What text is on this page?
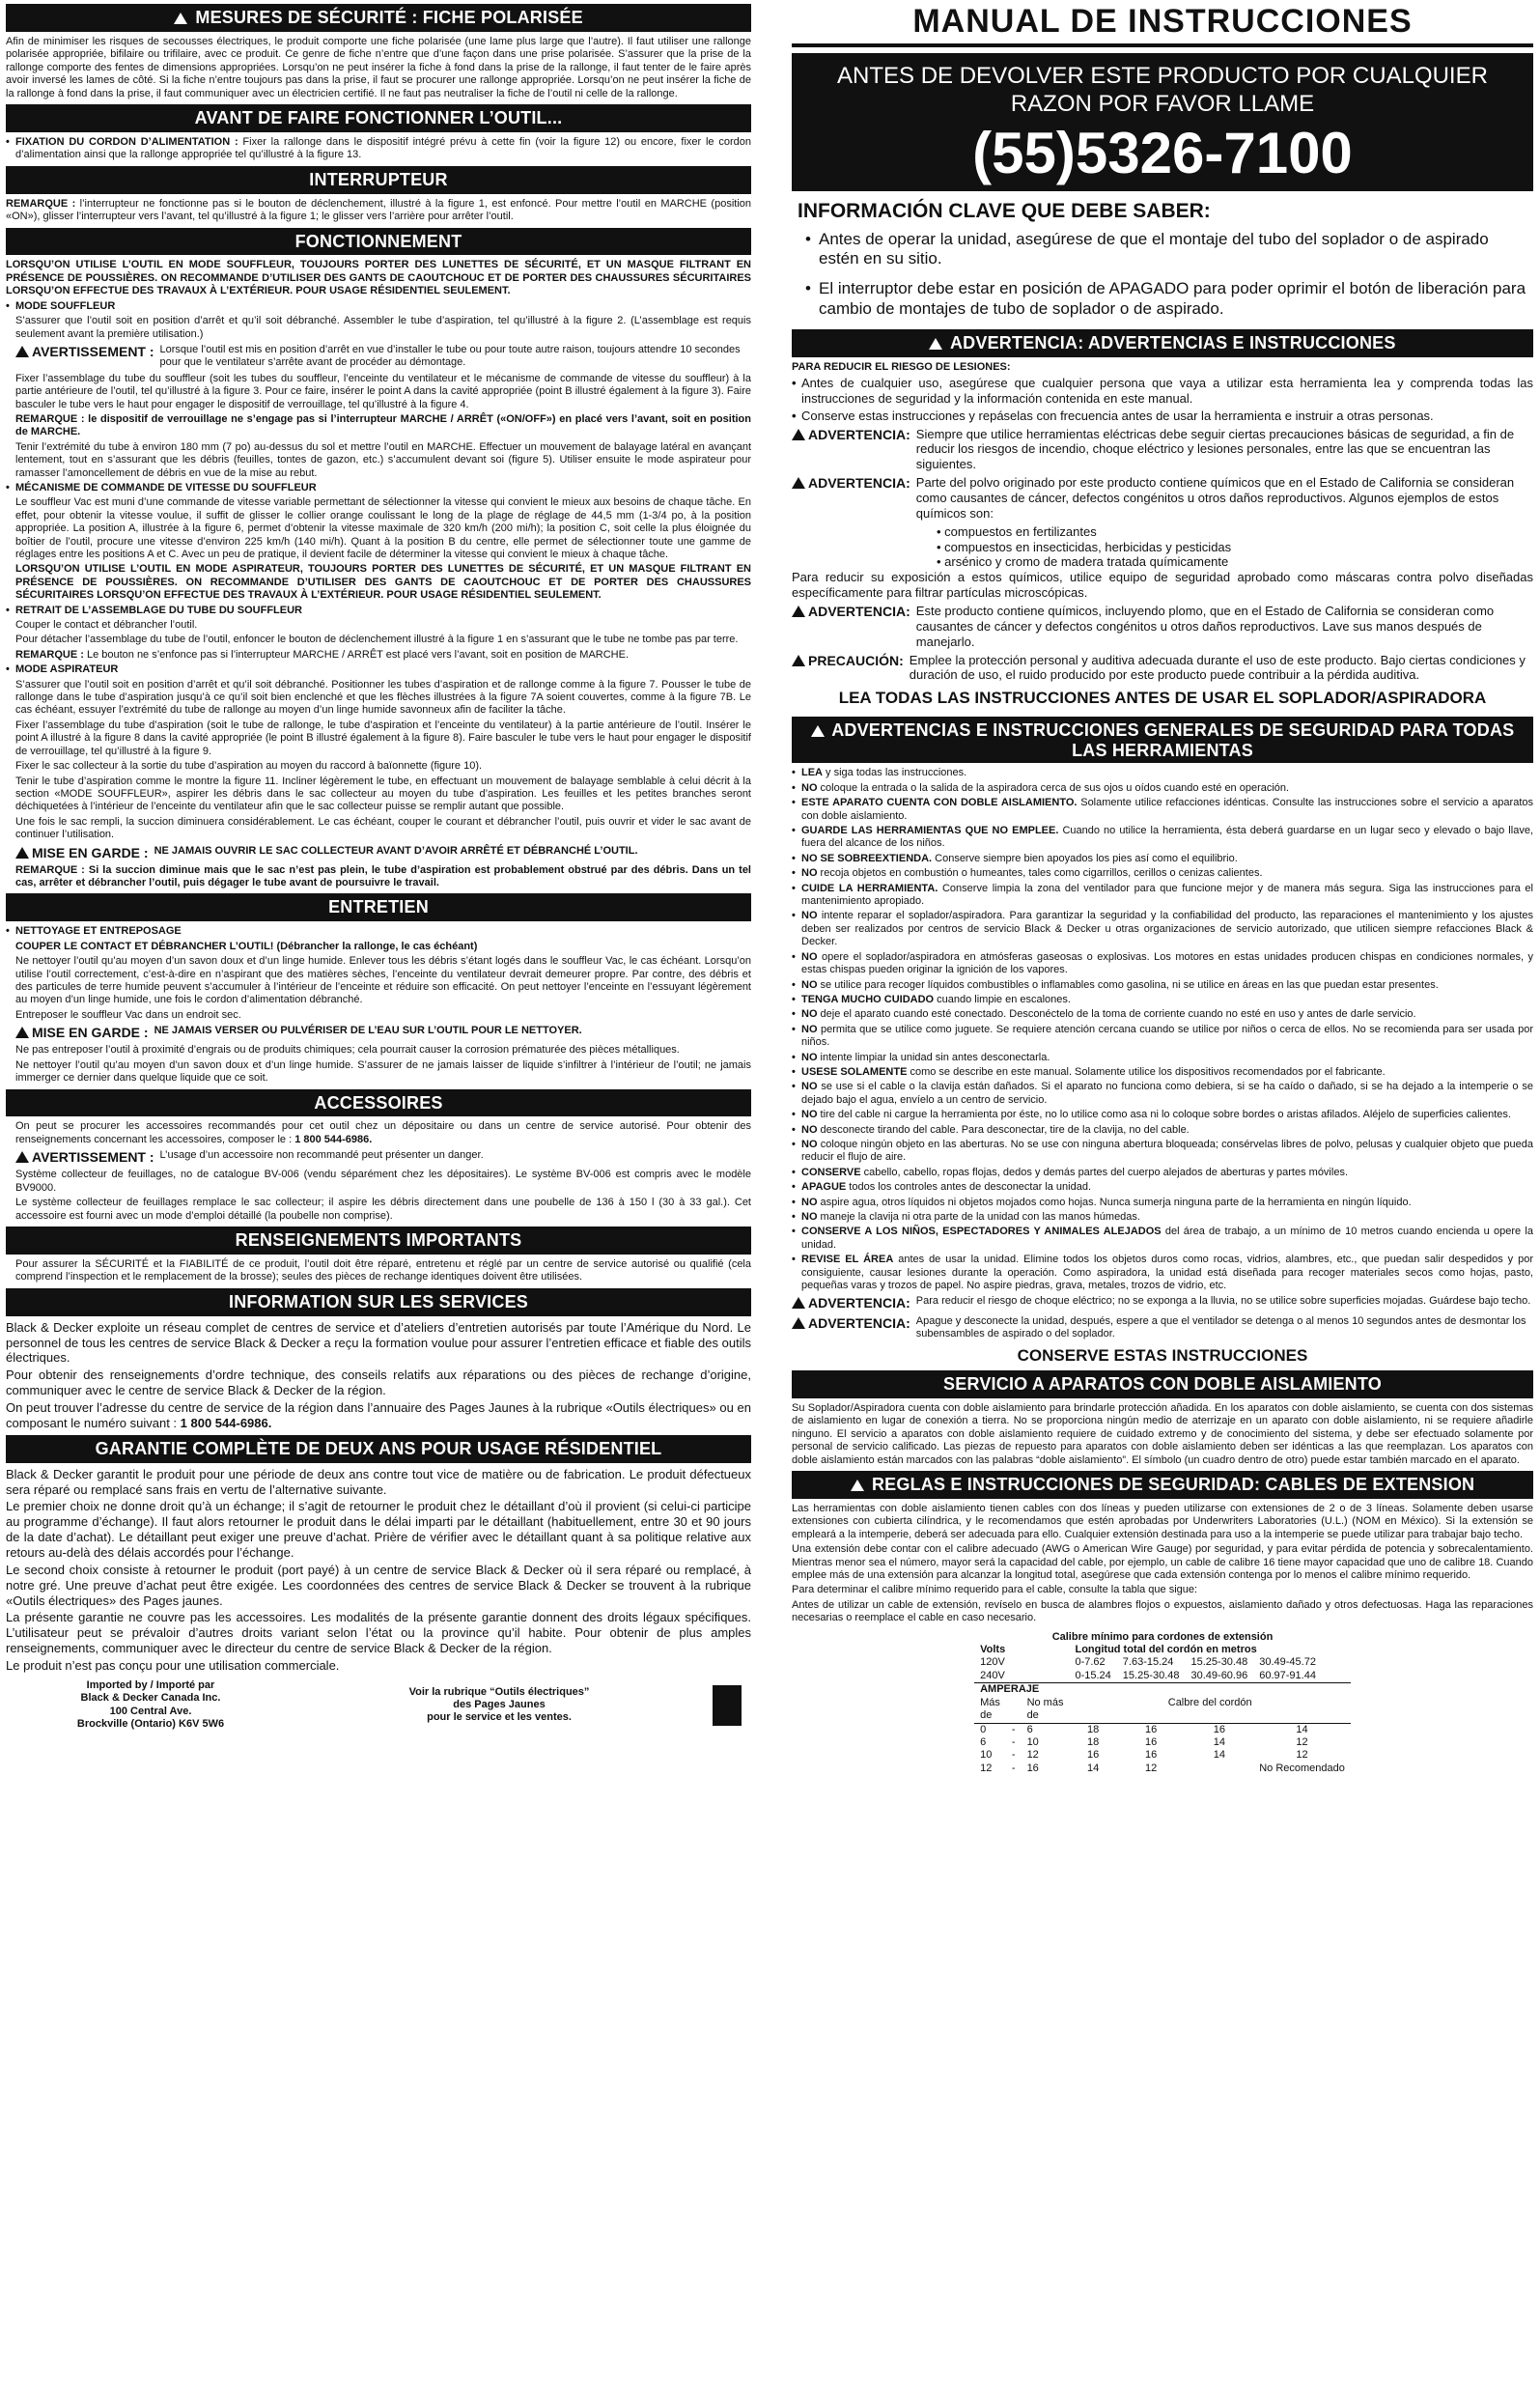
MESURES DE SÉCURITÉ : FICHE POLARISÉE

Afin de minimiser les risques de secousses électriques, le produit comporte une fiche polarisée (une lame plus large que l’autre). Il faut utiliser une rallonge polarisée appropriée, bifilaire ou trifilaire, avec ce produit. Ce genre de fiche n’entre que d’une façon dans une prise polarisée. S’assurer que la prise de la rallonge comporte des fentes de dimensions appropriées. Lorsqu’on ne peut insérer la fiche à fond dans la prise de la rallonge, il faut tenter de le faire après avoir inversé les lames de côté. Si la fiche n’entre toujours pas dans la prise, il faut se procurer une rallonge appropriée. Lorsqu’on ne peut insérer la fiche de la rallonge à fond dans la prise, il faut communiquer avec un électricien certifié. Il ne faut pas neutraliser la fiche de l’outil ni celle de la rallonge.

AVANT DE FAIRE FONCTIONNER L’OUTIL...

• FIXATION DU CORDON D’ALIMENTATION : Fixer la rallonge dans le dispositif intégré prévu à cette fin (voir la figure 12) ou encore, fixer le cordon d’alimentation ainsi que la rallonge appropriée tel qu’illustré à la figure 13.

INTERRUPTEUR

REMARQUE : l’interrupteur ne fonctionne pas si le bouton de déclenchement, illustré à la figure 1, est enfoncé. Pour mettre l’outil en MARCHE (position «ON»), glisser l’interrupteur vers l’avant, tel qu’illustré à la figure 1; le glisser vers l’arrière pour arrêter l’outil.

FONCTIONNEMENT

LORSQU’ON UTILISE L’OUTIL EN MODE SOUFFLEUR, TOUJOURS PORTER DES LUNETTES DE SÉCURITÉ, ET UN MASQUE FILTRANT EN PRÉSENCE DE POUSSIÈRES. ON RECOMMANDE D’UTILISER DES GANTS DE CAOUTCHOUC ET DE PORTER DES CHAUSSURES SÉCURITAIRES LORSQU’ON EFFECTUE DES TRAVAUX À L’EXTÉRIEUR. POUR USAGE RÉSIDENTIEL SEULEMENT.

• MODE SOUFFLEUR

S’assurer que l’outil soit en position d’arrêt et qu’il soit débranché. Assembler le tube d’aspiration, tel qu’illustré à la figure 2. (L’assemblage est requis seulement avant la première utilisation.)

AVERTISSEMENT : Lorsque l’outil est mis en position d’arrêt en vue d’installer le tube ou pour toute autre raison, toujours attendre 10 secondes pour que le ventilateur s’arrête avant de procéder au démontage.

Fixer l’assemblage du tube du souffleur (soit les tubes du souffleur, l’enceinte du ventilateur et le mécanisme de commande de vitesse du souffleur) à la partie antérieure de l’outil, tel qu’illustré à la figure 3. Pour ce faire, insérer le point A dans la cavité appropriée (point B illustré également à la figure 3). Faire basculer le tube vers le haut pour engager le dispositif de verrouillage, tel qu’illustré à la figure 4.

REMARQUE : le dispositif de verrouillage ne s’engage pas si l’interrupteur MARCHE / ARRÊT («ON/OFF») en placé vers l’avant, soit en position de MARCHE.

Tenir l’extrémité du tube à environ 180 mm (7 po) au-dessus du sol et mettre l’outil en MARCHE. Effectuer un mouvement de balayage latéral en avançant lentement, tout en s’assurant que les débris (feuilles, tontes de gazon, etc.) s’accumulent devant soi (figure 5). Utiliser ensuite le mode aspirateur pour ramasser l’amoncellement de débris en vue de la mise au rebut.

• MÉCANISME DE COMMANDE DE VITESSE DU SOUFFLEUR

Le souffleur Vac est muni d’une commande de vitesse variable permettant de sélectionner la vitesse qui convient le mieux aux besoins de chaque tâche. En effet, pour obtenir la vitesse voulue, il suffit de glisser le collier orange coulissant le long de la plage de réglage de 44,5 mm (1-3/4 po, à la position appropriée. La position A, illustrée à la figure 6, permet d’obtenir la vitesse maximale de 320 km/h (200 mi/h); la position C, soit celle la plus éloignée du boîtier de l’outil, procure une vitesse d’environ 225 km/h (140 mi/h). Quant à la position B du centre, elle permet de sélectionner toute une gamme de réglages entre les positions A et C. Avec un peu de pratique, il devient facile de déterminer la vitesse qui convient le mieux à chaque tâche.

LORSQU’ON UTILISE L’OUTIL EN MODE ASPIRATEUR, TOUJOURS PORTER DES LUNETTES DE SÉCURITÉ, ET UN MASQUE FILTRANT EN PRÉSENCE DE POUSSIÈRES. ON RECOMMANDE D’UTILISER DES GANTS DE CAOUTCHOUC ET DE PORTER DES CHAUSSURES SÉCURITAIRES LORSQU’ON EFFECTUE DES TRAVAUX À L’EXTÉRIEUR. POUR USAGE RÉSIDENTIEL SEULEMENT.

• RETRAIT DE L’ASSEMBLAGE DU TUBE DU SOUFFLEUR

Couper le contact et débrancher l’outil.

Pour détacher l’assemblage du tube de l’outil, enfoncer le bouton de déclenchement illustré à la figure 1 en s’assurant que le tube ne tombe pas par terre.

REMARQUE : Le bouton ne s’enfonce pas si l’interrupteur MARCHE / ARRÊT est placé vers l’avant, soit en position de MARCHE.

• MODE ASPIRATEUR

S’assurer que l’outil soit en position d’arrêt et qu’il soit débranché. Positionner les tubes d’aspiration et de rallonge comme à la figure 7. Pousser le tube de rallonge dans le tube d’aspiration jusqu’à ce qu’il soit bien enclenché et que les flèches illustrées à la figure 7A soient couvertes, comme à la figure 7B. Le cas échéant, essuyer l’extrémité du tube de rallonge au moyen d’un linge humide savonneux afin de faciliter la tâche.

Fixer l’assemblage du tube d’aspiration (soit le tube de rallonge, le tube d’aspiration et l’enceinte du ventilateur) à la partie antérieure de l’outil. Insérer le point A illustré à la figure 8 dans la cavité appropriée (le point B illustré également à la figure 8). Faire basculer le tube vers le haut pour engager le dispositif de verrouillage, tel qu’illustré à la figure 9.

Fixer le sac collecteur à la sortie du tube d’aspiration au moyen du raccord à baïonnette (figure 10).

Tenir le tube d’aspiration comme le montre la figure 11. Incliner légèrement le tube, en effectuant un mouvement de balayage semblable à celui décrit à la section «MODE SOUFFLEUR», aspirer les débris dans le sac collecteur au moyen du tube d’aspiration. Les feuilles et les petites branches seront déchiquetées à l’intérieur de l’enceinte du ventilateur afin que le sac collecteur puisse se remplir autant que possible.

Une fois le sac rempli, la succion diminuera considérablement. Le cas échéant, couper le courant et débrancher l’outil, puis ouvrir et vider le sac avant de continuer l’utilisation.

MISE EN GARDE : NE JAMAIS OUVRIR LE SAC COLLECTEUR AVANT D’AVOIR ARRÊTÉ ET DÉBRANCHÉ L’OUTIL.

REMARQUE : Si la succion diminue mais que le sac n’est pas plein, le tube d’aspiration est probablement obstrué par des débris. Dans un tel cas, arrêter et débrancher l’outil, puis dégager le tube avant de poursuivre le travail.

ENTRETIEN

• NETTOYAGE ET ENTREPOSAGE

COUPER LE CONTACT ET DÉBRANCHER L’OUTIL! (Débrancher la rallonge, le cas échéant)

Ne nettoyer l’outil qu’au moyen d’un savon doux et d’un linge humide. Enlever tous les débris s’étant logés dans le souffleur Vac, le cas échéant. Lorsqu’on utilise l’outil correctement, c’est-à-dire en n’aspirant que des matières sèches, l’enceinte du ventilateur devrait demeurer propre. Par contre, des débris et des particules de terre humide peuvent s’accumuler à l’intérieur de l’enceinte et réduire son efficacité. On peut nettoyer l’enceinte en l’essuyant légèrement au moyen d’un linge humide, une fois le cordon d’alimentation débranché.

Entreposer le souffleur Vac dans un endroit sec.

MISE EN GARDE : NE JAMAIS VERSER OU PULVÉRISER DE L’EAU SUR L’OUTIL POUR LE NETTOYER.

Ne pas entreposer l’outil à proximité d’engrais ou de produits chimiques; cela pourrait causer la corrosion prématurée des pièces métalliques.

Ne nettoyer l’outil qu’au moyen d’un savon doux et d’un linge humide. S’assurer de ne jamais laisser de liquide s’infiltrer à l’intérieur de l’outil; ne jamais immerger ce dernier dans quelque liquide que ce soit.

ACCESSOIRES

On peut se procurer les accessoires recommandés pour cet outil chez un dépositaire ou dans un centre de service autorisé. Pour obtenir des renseignements concernant les accessoires, composer le : 1 800 544-6986.

AVERTISSEMENT : L’usage d’un accessoire non recommandé peut présenter un danger.

Système collecteur de feuillages, no de catalogue BV-006 (vendu séparément chez les dépositaires). Le système BV-006 est compris avec le modèle BV9000.

Le système collecteur de feuillages remplace le sac collecteur; il aspire les débris directement dans une poubelle de 136 à 150 l (30 à 33 gal.). Cet accessoire est fourni avec un mode d’emploi détaillé (la poubelle non comprise).

RENSEIGNEMENTS IMPORTANTS

Pour assurer la SÉCURITÉ et la FIABILITÉ de ce produit, l’outil doit être réparé, entretenu et réglé par un centre de service autorisé ou qualifié (cela comprend l’inspection et le remplacement de la brosse); seules des pièces de rechange identiques doivent être utilisées.

INFORMATION SUR LES SERVICES

Black & Decker exploite un réseau complet de centres de service et d’ateliers d’entretien autorisés par toute l’Amérique du Nord. Le personnel de tous les centres de service Black & Decker a reçu la formation voulue pour assurer l’entretien efficace et fiable des outils électriques.

Pour obtenir des renseignements d’ordre technique, des conseils relatifs aux réparations ou des pièces de rechange d’origine, communiquer avec le centre de service Black & Decker de la région.

On peut trouver l’adresse du centre de service de la région dans l’annuaire des Pages Jaunes à la rubrique «Outils électriques» ou en composant le numéro suivant : 1 800 544-6986.

GARANTIE COMPLÈTE DE DEUX ANS POUR USAGE RÉSIDENTIEL

Black & Decker garantit le produit pour une période de deux ans contre tout vice de matière ou de fabrication. Le produit défectueux sera réparé ou remplacé sans frais en vertu de l’alternative suivante.

Le premier choix ne donne droit qu’à un échange; il s’agit de retourner le produit chez le détaillant d’où il provient (si celui-ci participe au programme d’échange). Il faut alors retourner le produit dans le délai imparti par le détaillant (habituellement, entre 30 et 90 jours de la date d’achat). Le détaillant peut exiger une preuve d’achat. Prière de vérifier avec le détaillant quant à sa politique relative aux retours au-delà des délais accordés pour l’échange.

Le second choix consiste à retourner le produit (port payé) à un centre de service Black & Decker où il sera réparé ou remplacé, à notre gré. Une preuve d’achat peut être exigée. Les coordonnées des centres de service Black & Decker se trouvent à la rubrique «Outils électriques» des Pages jaunes.

La présente garantie ne couvre pas les accessoires. Les modalités de la présente garantie donnent des droits légaux spécifiques. L’utilisateur peut se prévaloir d’autres droits variant selon l’état ou la province qu’il habite. Pour obtenir de plus amples renseignements, communiquer avec le directeur du centre de service Black & Decker de la région.

Le produit n’est pas conçu pour une utilisation commerciale.

Imported by / Importé par
Black & Decker Canada Inc.
100 Central Ave.
Brockville (Ontario) K6V 5W6
Voir la rubrique “Outils électriques”
des Pages Jaunes
pour le service et les ventes.
MANUAL DE INSTRUCCIONES
ANTES DE DEVOLVER ESTE PRODUCTO POR CUALQUIER
RAZON POR FAVOR LLAME
(55)5326-7100
INFORMACIÓN CLAVE QUE DEBE SABER:
• Antes de operar la unidad, asegúrese de que el montaje del tubo del soplador o de aspirado estén en su sitio.
• El interruptor debe estar en posición de APAGADO para poder oprimir el botón de liberación para cambio de montajes de tubo de soplador o de aspirado.
ADVERTENCIA: ADVERTENCIAS E INSTRUCCIONES

PARA REDUCIR EL RIESGO DE LESIONES:

• Antes de cualquier uso, asegúrese que cualquier persona que vaya a utilizar esta herramienta lea y comprenda todas las instrucciones de seguridad y la información contenida en este manual.

• Conserve estas instrucciones y repáselas con frecuencia antes de usar la herramienta e instruir a otras personas.

ADVERTENCIA: Siempre que utilice herramientas eléctricas debe seguir ciertas precauciones básicas de seguridad, a fin de reducir los riesgos de incendio, choque eléctrico y lesiones personales, entre las que se encuentran las siguientes.
ADVERTENCIA: Parte del polvo originado por este producto contiene químicos que en el Estado de California se consideran como causantes de cáncer, defectos congénitos u otros daños reproductivos. Algunos ejemplos de estos químicos son:
• compuestos en fertilizantes
• compuestos en insecticidas, herbicidas y pesticidas
• arsénico y cromo de madera tratada químicamente

Para reducir su exposición a estos químicos, utilice equipo de seguridad aprobado como máscaras contra polvo diseñadas específicamente para filtrar partículas microscópicas.

ADVERTENCIA: Este producto contiene químicos, incluyendo plomo, que en el Estado de California se consideran como causantes de cáncer y defectos congénitos u otros daños reproductivos. Lave sus manos después de manejarlo.
PRECAUCIÓN: Emplee la protección personal y auditiva adecuada durante el uso de este producto. Bajo ciertas condiciones y duración de uso, el ruido producido por este producto puede contribuir a la pérdida auditiva.
LEA TODAS LAS INSTRUCCIONES ANTES DE USAR EL SOPLADOR/ASPIRADORA
ADVERTENCIAS E INSTRUCCIONES GENERALES DE SEGURIDAD PARA TODAS LAS HERRAMIENTAS

• LEA y siga todas las instrucciones.

• NO coloque la entrada o la salida de la aspiradora cerca de sus ojos u oídos cuando esté en operación.

• ESTE APARATO CUENTA CON DOBLE AISLAMIENTO. Solamente utilice refacciones idénticas. Consulte las instrucciones sobre el servicio a aparatos con doble aislamiento.

• GUARDE LAS HERRAMIENTAS QUE NO EMPLEE. Cuando no utilice la herramienta, ésta deberá guardarse en un lugar seco y elevado o bajo llave, fuera del alcance de los niños.

• NO SE SOBREEXTIENDA. Conserve siempre bien apoyados los pies así como el equilibrio.

• NO recoja objetos en combustión o humeantes, tales como cigarrillos, cerillos o cenizas calientes.

• CUIDE LA HERRAMIENTA. Conserve limpia la zona del ventilador para que funcione mejor y de manera más segura. Siga las instrucciones para el mantenimiento apropiado.

• NO intente reparar el soplador/aspiradora. Para garantizar la seguridad y la confiabilidad del producto, las reparaciones el mantenimiento y los ajustes deben ser realizados por centros de servicio Black & Decker u otras organizaciones de servicio autorizado, que utilicen siempre refacciones Black & Decker.

• NO opere el soplador/aspiradora en atmósferas gaseosas o explosivas. Los motores en estas unidades producen chispas en condiciones normales, y estas chispas pueden originar la ignición de los vapores.

• NO se utilice para recoger líquidos combustibles o inflamables como gasolina, ni se utilice en áreas en las que puedan estar presentes.

• TENGA MUCHO CUIDADO cuando limpie en escalones.

• NO deje el aparato cuando esté conectado. Desconéctelo de la toma de corriente cuando no esté en uso y antes de darle servicio.

• NO permita que se utilice como juguete. Se requiere atención cercana cuando se utilice por niños o cerca de ellos. No se recomienda para ser usada por niños.

• NO intente limpiar la unidad sin antes desconectarla.

• USESE SOLAMENTE como se describe en este manual. Solamente utilice los dispositivos recomendados por el fabricante.

• NO se use si el cable o la clavija están dañados. Si el aparato no funciona como debiera, si se ha caído o dañado, si se ha dejado a la intemperie o se dejado bajo el agua, envíelo a un centro de servicio.

• NO tire del cable ni cargue la herramienta por éste, no lo utilice como asa ni lo coloque sobre bordes o aristas afilados. Aléjelo de superficies calientes.

• NO desconecte tirando del cable. Para desconectar, tire de la clavija, no del cable.

• NO coloque ningún objeto en las aberturas. No se use con ninguna abertura bloqueada; consérvelas libres de polvo, pelusas y cualquier objeto que pueda reducir el flujo de aire.

• CONSERVE cabello, cabello, ropas flojas, dedos y demás partes del cuerpo alejados de aberturas y partes móviles.

• APAGUE todos los controles antes de desconectar la unidad.

• NO aspire agua, otros líquidos ni objetos mojados como hojas. Nunca sumerja ninguna parte de la herramienta en ningún líquido.

• NO maneje la clavija ni otra parte de la unidad con las manos húmedas.

• CONSERVE A LOS NIÑOS, ESPECTADORES Y ANIMALES ALEJADOS del área de trabajo, a un mínimo de 10 metros cuando encienda u opere la unidad.

• REVISE EL ÁREA antes de usar la unidad. Elimine todos los objetos duros como rocas, vidrios, alambres, etc., que puedan salir despedidos y por consiguiente, causar lesiones durante la operación. Como aspiradora, la unidad está diseñada para recoger materiales secos como hojas, pasto, pequeñas varas y trozos de papel. No aspire piedras, grava, metales, trozos de vidrio, etc.

ADVERTENCIA: Para reducir el riesgo de choque eléctrico; no se exponga a la lluvia, no se utilice sobre superficies mojadas. Guárdese bajo techo.
ADVERTENCIA: Apague y desconecte la unidad, después, espere a que el ventilador se detenga o al menos 10 segundos antes de desmontar los subensambles de aspirado o del soplador.
CONSERVE ESTAS INSTRUCCIONES
SERVICIO A APARATOS CON DOBLE AISLAMIENTO

Su Soplador/Aspiradora cuenta con doble aislamiento para brindarle protección añadida. En los aparatos con doble aislamiento, se cuenta con dos sistemas de aislamiento en lugar de conexión a tierra. No se proporciona ningún medio de aterrizaje en un aparato con doble aislamiento, ni se requiere añadirle ninguno. El servicio a aparatos con doble aislamiento requiere de cuidado extremo y de conocimiento del sistema, y debe ser efectuado solamente por personal de servicio calificado. Las piezas de repuesto para aparatos con doble aislamiento deben ser idénticas a las que reemplazan. Los aparatos con doble aislamiento están marcados con las palabras “doble aislamiento”. El símbolo (un cuadro dentro de otro) puede estar también marcado en el aparato.

REGLAS E INSTRUCCIONES DE SEGURIDAD: CABLES DE EXTENSION

Las herramientas con doble aislamiento tienen cables con dos líneas y pueden utilizarse con extensiones de 2 o de 3 líneas. Solamente deben usarse extensiones con cubierta cilíndrica, y le recomendamos que estén aprobadas por Underwriters Laboratories (U.L.) (NOM en México). Si la extensión se empleará a la intemperie, deberá ser adecuada para ello. Cualquier extensión destinada para uso a la intemperie se puede utilizar para trabajar bajo techo.

Una extensión debe contar con el calibre adecuado (AWG o American Wire Gauge) por seguridad, y para evitar pérdida de potencia y sobrecalentamiento. Mientras menor sea el número, mayor será la capacidad del cable, por ejemplo, un cable de calibre 16 tiene mayor capacidad que uno de calibre 18. Cuando emplee más de una extensión para alcanzar la longitud total, asegúrese que cada extensión contenga por lo menos el calibre mínimo requerido.

Para determinar el calibre mínimo requerido para el cable, consulte la tabla que sigue:

Antes de utilizar un cable de extensión, revíselo en busca de alambres flojos o expuestos, aislamiento dañado y otros defectuosas. Haga las reparaciones necesarias o reemplace el cable en caso necesario.

Calibre mínimo para cordones de extensión						
Volts			Longitud total del cordón en metros			
120V			0-7.62	7.63-15.24	15.25-30.48	30.49-45.72
240V			0-15.24	15.25-30.48	30.49-60.96	60.97-91.44
AMPERAJE						
Más		No más	Calbre del cordón			
de		de				
0	-	6	18	16	16	14
6	-	10	18	16	14	12
10	-	12	16	16	14	12
12	-	16	14	12		No Recomendado
